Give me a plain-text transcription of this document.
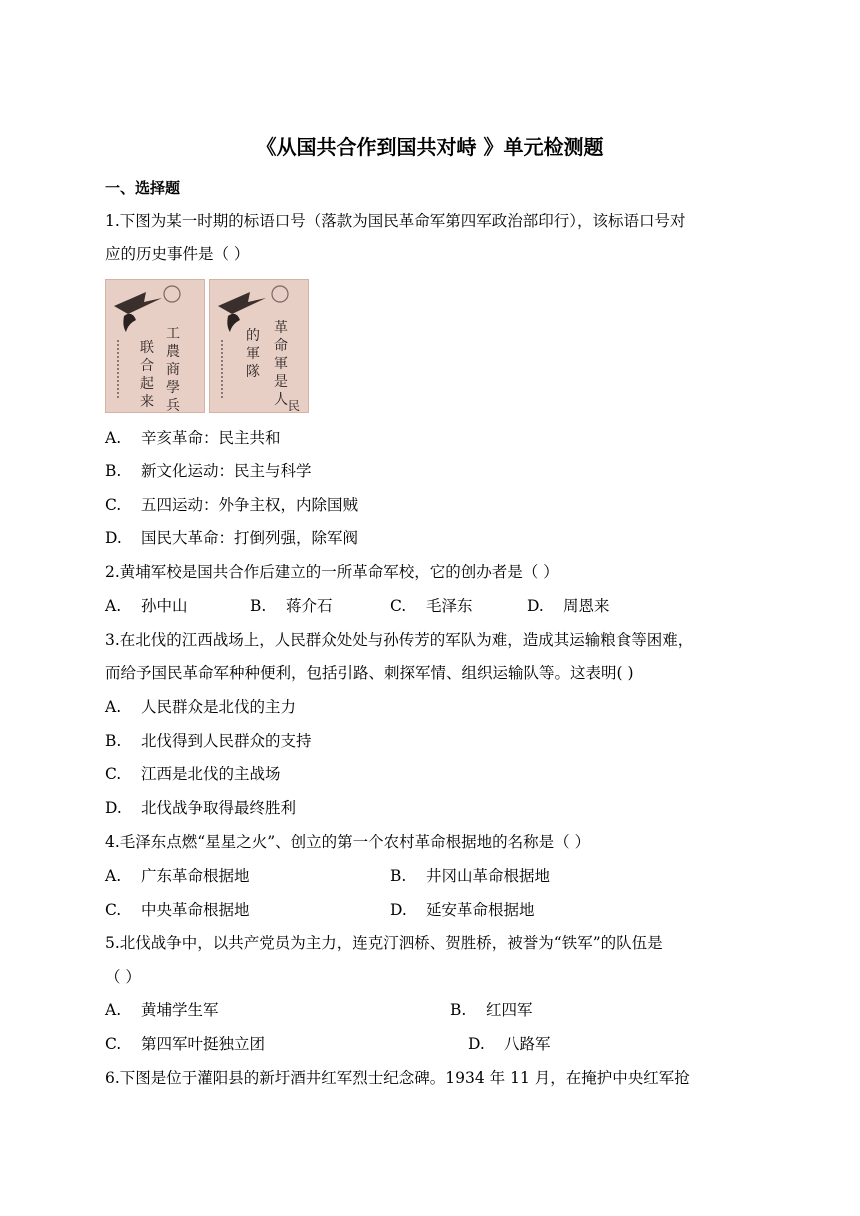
《从国共合作到国共对峙 》单元检测题
一、选择题
1.下图为某一时期的标语口号（落款为国民革命军第四军政治部印行），该标语口号对
应的历史事件是（ ）
工
農
商
學
兵
联
合
起
来
革
命
軍
是
人 民
的
軍
隊
A. 辛亥革命：民主共和
B. 新文化运动：民主与科学
C. 五四运动：外争主权，内除国贼
D. 国民大革命：打倒列强，除军阀
2.黄埔军校是国共合作后建立的一所革命军校，它的创办者是（ ）
A. 孙中山	B. 蒋介石	C. 毛泽东	D. 周恩来
3.在北伐的江西战场上，人民群众处处与孙传芳的军队为难，造成其运输粮食等困难，
而给予国民革命军种种便利，包括引路、刺探军情、组织运输队等。这表明( )
A. 人民群众是北伐的主力
B. 北伐得到人民群众的支持
C. 江西是北伐的主战场
D. 北伐战争取得最终胜利
4.毛泽东点燃“星星之火”、创立的第一个农村革命根据地的名称是（ ）
A. 广东革命根据地	B. 井冈山革命根据地
C. 中央革命根据地	D. 延安革命根据地
5.北伐战争中，以共产党员为主力，连克汀泗桥、贺胜桥，被誉为“铁军”的队伍是
（ ）
A. 黄埔学生军	B. 红四军
C. 第四军叶挺独立团	D. 八路军
6.下图是位于灌阳县的新圩酒井红军烈士纪念碑。1934 年 11 月，在掩护中央红军抢
